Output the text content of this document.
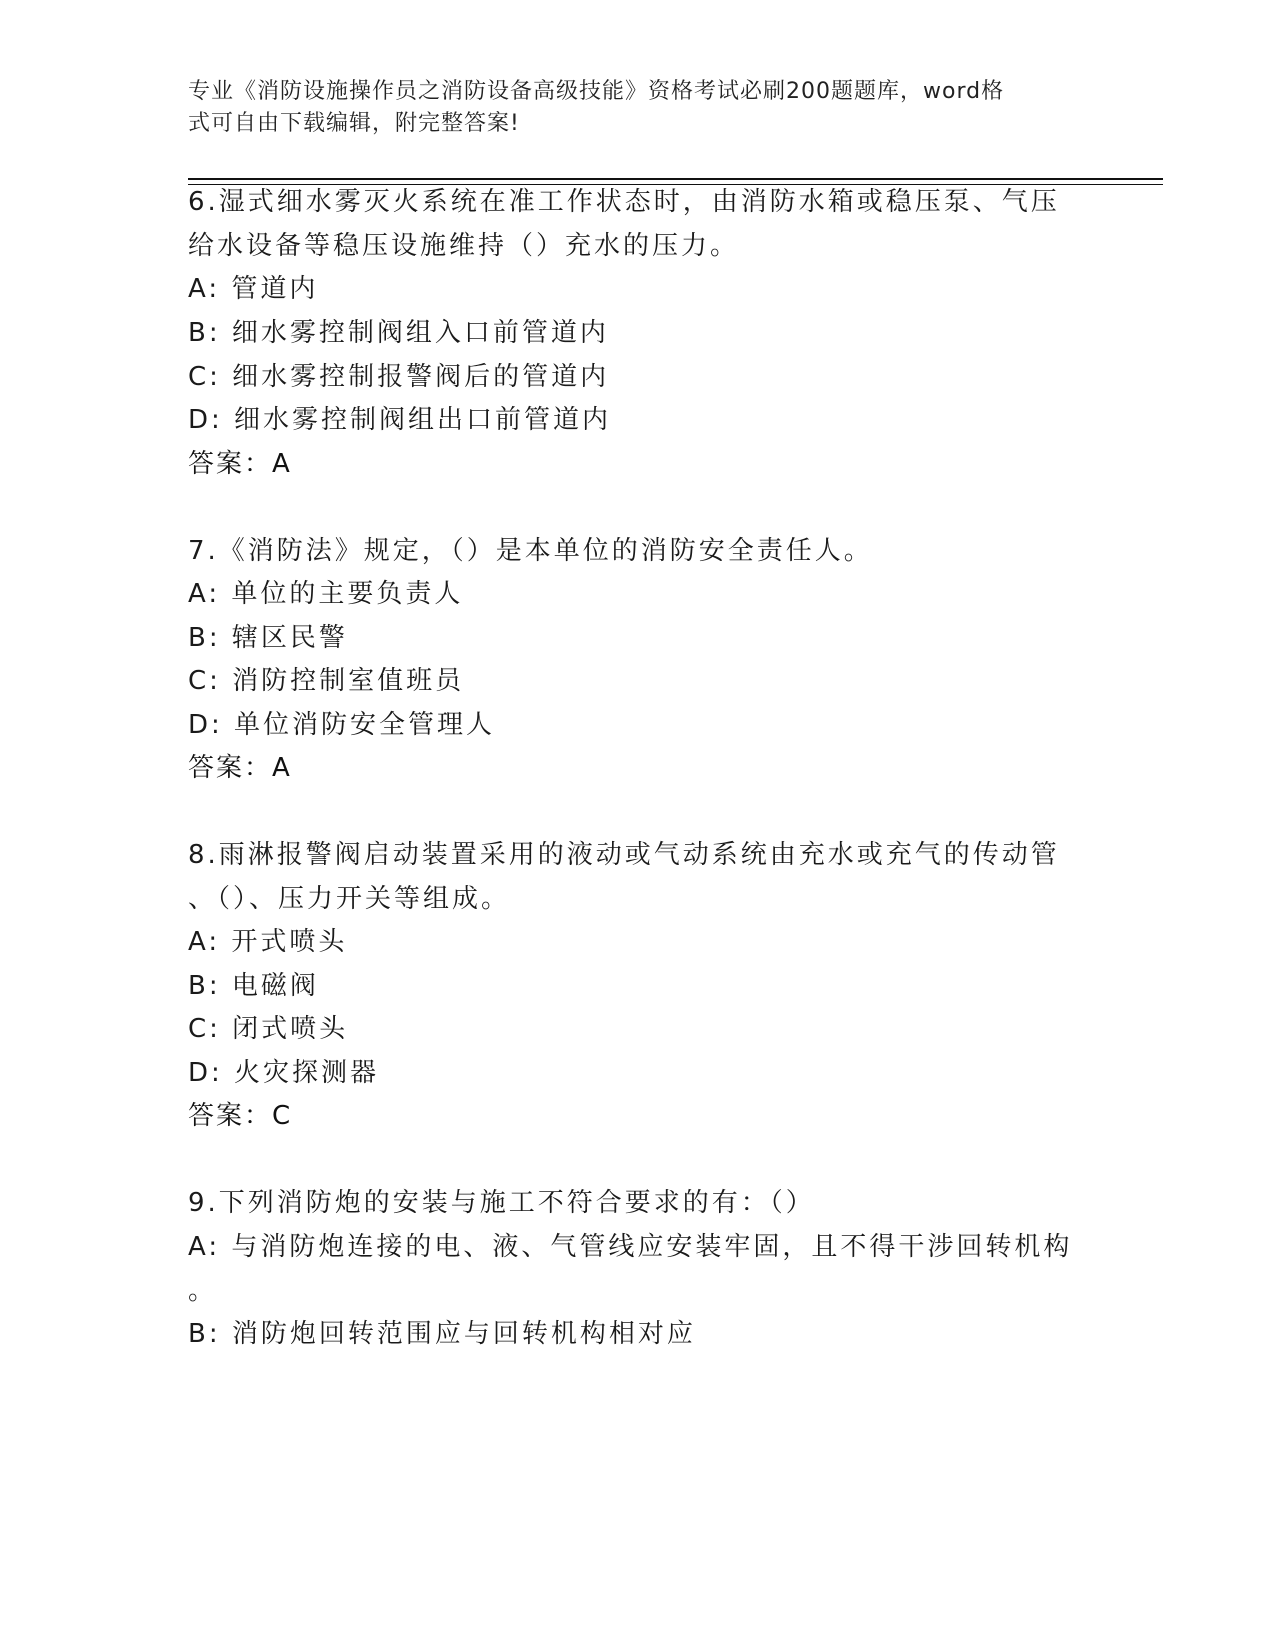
专业《消防设施操作员之消防设备高级技能》资格考试必刷200题题库，word格
式可自由下载编辑，附完整答案!
6.湿式细水雾灭火系统在准工作状态时，由消防水箱或稳压泵、气压
给水设备等稳压设施维持（）充水的压力。
A: 管道内
B: 细水雾控制阀组入口前管道内
C: 细水雾控制报警阀后的管道内
D: 细水雾控制阀组出口前管道内
答案：A
7.《消防法》规定，（）是本单位的消防安全责任人。
A: 单位的主要负责人
B: 辖区民警
C: 消防控制室值班员
D: 单位消防安全管理人
答案：A
8.雨淋报警阀启动装置采用的液动或气动系统由充水或充气的传动管
、（）、压力开关等组成。
A: 开式喷头
B: 电磁阀
C: 闭式喷头
D: 火灾探测器
答案：C
9.下列消防炮的安装与施工不符合要求的有：（）
A: 与消防炮连接的电、液、气管线应安装牢固，且不得干涉回转机构
。
B: 消防炮回转范围应与回转机构相对应
